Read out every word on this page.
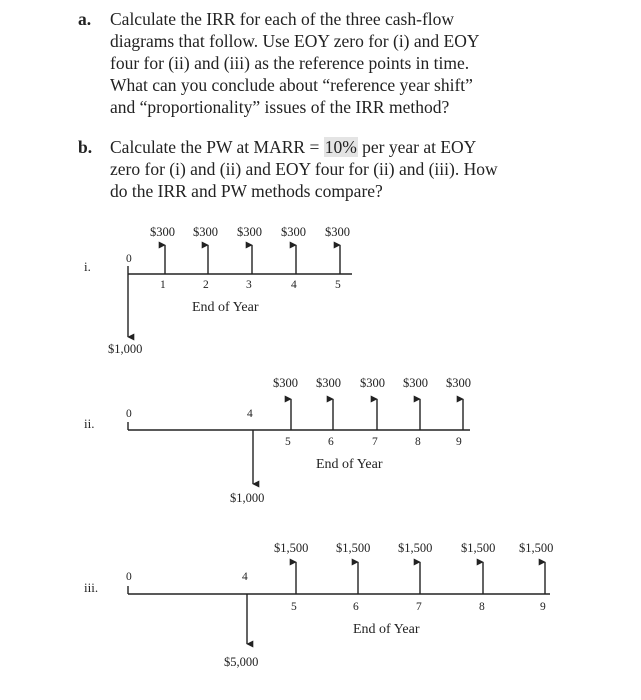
a. Calculate the IRR for each of the three cash-flow
diagrams that follow. Use EOY zero for (i) and EOY
four for (ii) and (iii) as the reference points in time.
What can you conclude about “reference year shift”
and “proportionality” issues of the IRR method?
b. Calculate the PW at MARR = 10% per year at EOY
zero for (i) and (ii) and EOY four for (ii) and (iii). How
do the IRR and PW methods compare?
i.
$1,000
0
1	2	3	4	5
$300 $300 $300 $300 $300
End of Year
ii.
$1,000
0	4
5	6	7	8	9
$300 $300 $300 $300 $300
End of Year
iii.
$5,000
0	4
5	6	7	8	9
$1,500 $1,500 $1,500 $1,500 $1,500
End of Year
